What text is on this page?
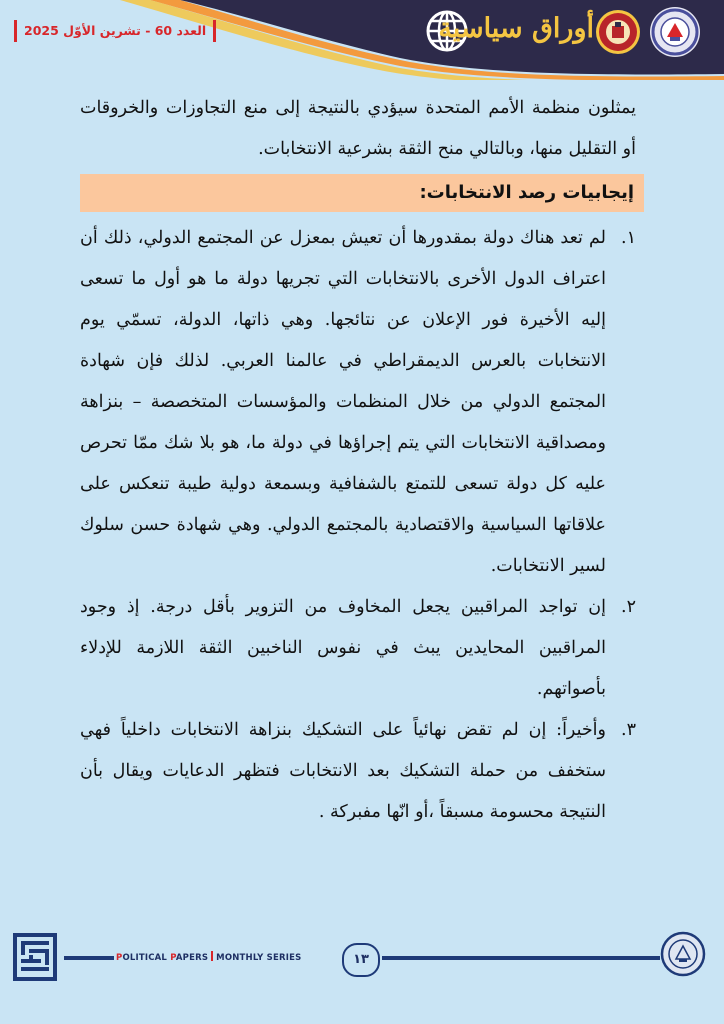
العدد 60 - تشرين الأوّل 2025	أوراق سياسية

يمثلون منظمة الأمم المتحدة سيؤدي بالنتيجة إلى منع التجاوزات والخروقات أو التقليل منها، وبالتالي منح الثقة بشرعية الانتخابات.

إيجابيات رصد الانتخابات:
١.

لم تعد هناك دولة بمقدورها أن تعيش بمعزل عن المجتمع الدولي، ذلك أن اعتراف الدول الأخرى بالانتخابات التي تجريها دولة ما هو أول ما تسعى إليه الأخيرة فور الإعلان عن نتائجها. وهي ذاتها، الدولة، تسمّي يوم الانتخابات بالعرس الديمقراطي في عالمنا العربي. لذلك فإن شهادة المجتمع الدولي من خلال المنظمات والمؤسسات المتخصصة – بنزاهة ومصداقية الانتخابات التي يتم إجراؤها في دولة ما، هو بلا شك ممّا تحرص عليه كل دولة تسعى للتمتع بالشفافية وبسمعة دولية طيبة تنعكس على علاقاتها السياسية والاقتصادية بالمجتمع الدولي. وهي شهادة حسن سلوك لسير الانتخابات.

٢.

إن تواجد المراقبين يجعل المخاوف من التزوير بأقل درجة. إذ وجود المراقبين المحايدين يبث في نفوس الناخبين الثقة اللازمة للإدلاء بأصواتهم.

٣.

وأخيراً: إن لم تقض نهائياً على التشكيك بنزاهة الانتخابات داخلياً فهي ستخفف من حملة التشكيك بعد الانتخابات فتظهر الدعايات ويقال بأن النتيجة محسومة مسبقاً ،أو انّها مفبركة .

POLITICAL PAPERS MONTHLY SERIES	١٣
